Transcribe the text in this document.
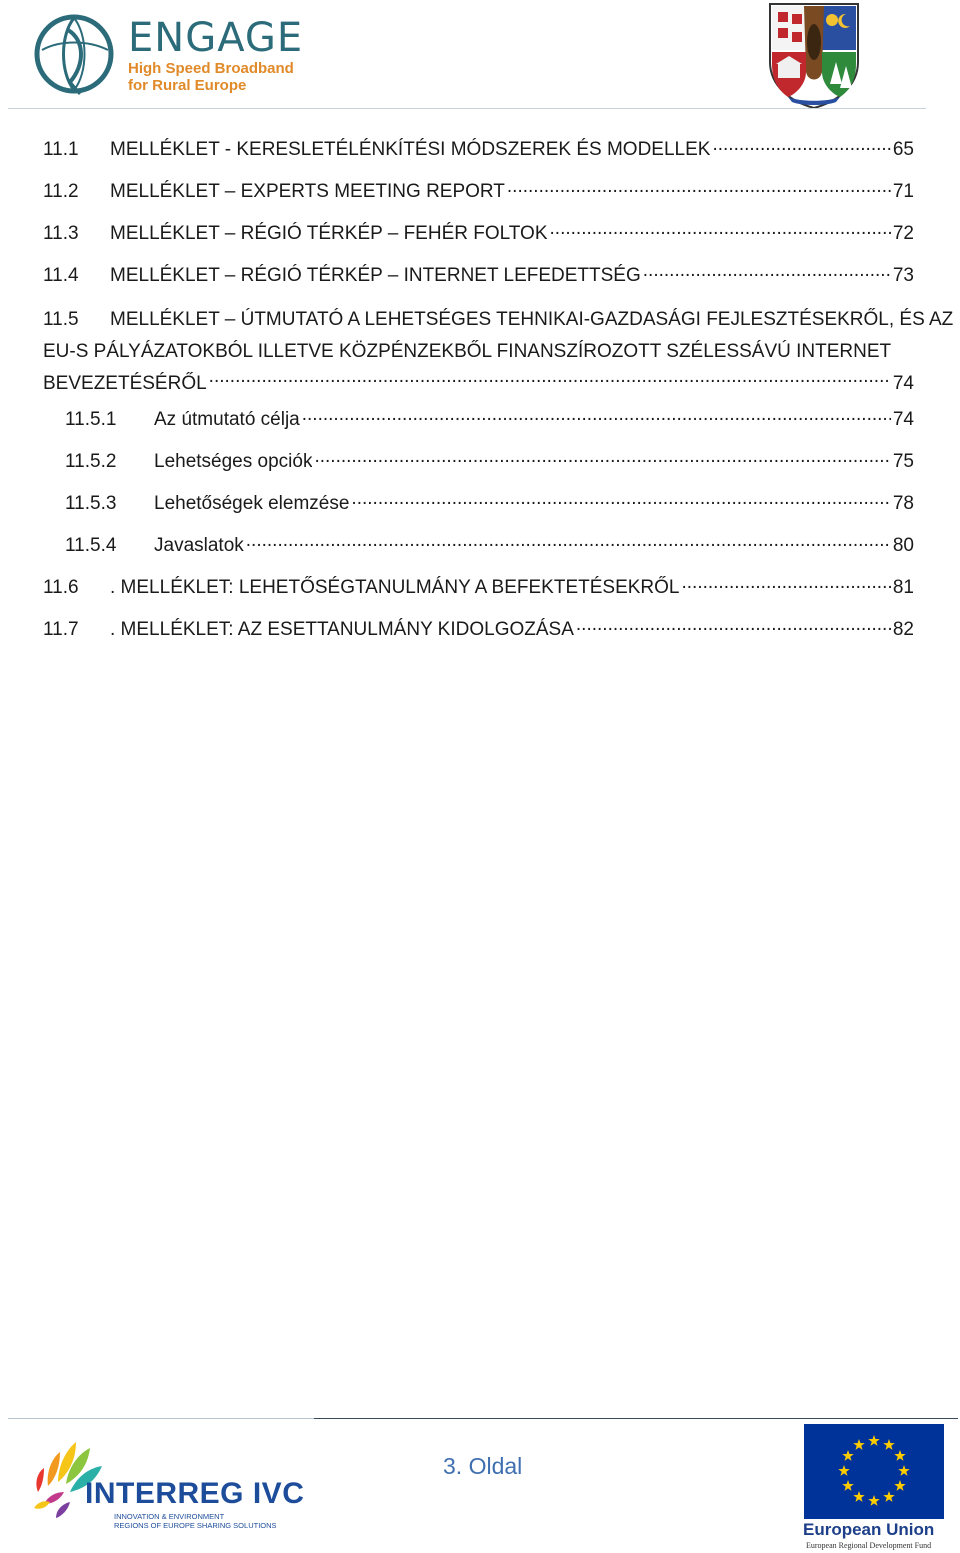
ENGAGE
High Speed Broadband
for Rural Europe
11.1	MELLÉKLET - KERESLETÉLÉNKÍTÉSI MÓDSZEREK ÉS MODELLEK .....	65
11.2	MELLÉKLET – EXPERTS MEETING REPORT .....	71
11.3	MELLÉKLET – RÉGIÓ TÉRKÉP – FEHÉR FOLTOK .....	72
11.4	MELLÉKLET – RÉGIÓ TÉRKÉP – INTERNET LEFEDETTSÉG .....	73
11.5	MELLÉKLET – ÚTMUTATÓ A LEHETSÉGES TEHNIKAI-GAZDASÁGI FEJLESZTÉSEKRŐL, ÉS AZ
EU-S PÁLYÁZATOKBÓL ILLETVE KÖZPÉNZEKBŐL FINANSZÍROZOTT SZÉLESSÁVÚ INTERNET
BEVEZETÉSÉRŐL .....	74
11.5.1	Az útmutató célja .....	74
11.5.2	Lehetséges opciók .....	75
11.5.3	Lehetőségek elemzése .....	78
11.5.4	Javaslatok .....	80
11.6	. MELLÉKLET: LEHETŐSÉGTANULMÁNY A BEFEKTETÉSEKRŐL .....	81
11.7	. MELLÉKLET: AZ ESETTANULMÁNY KIDOLGOZÁSA .....	82
INTERREG IVC
INNOVATION & ENVIRONMENT
REGIONS OF EUROPE SHARING SOLUTIONS
3. Oldal
European Union
European Regional Development Fund
